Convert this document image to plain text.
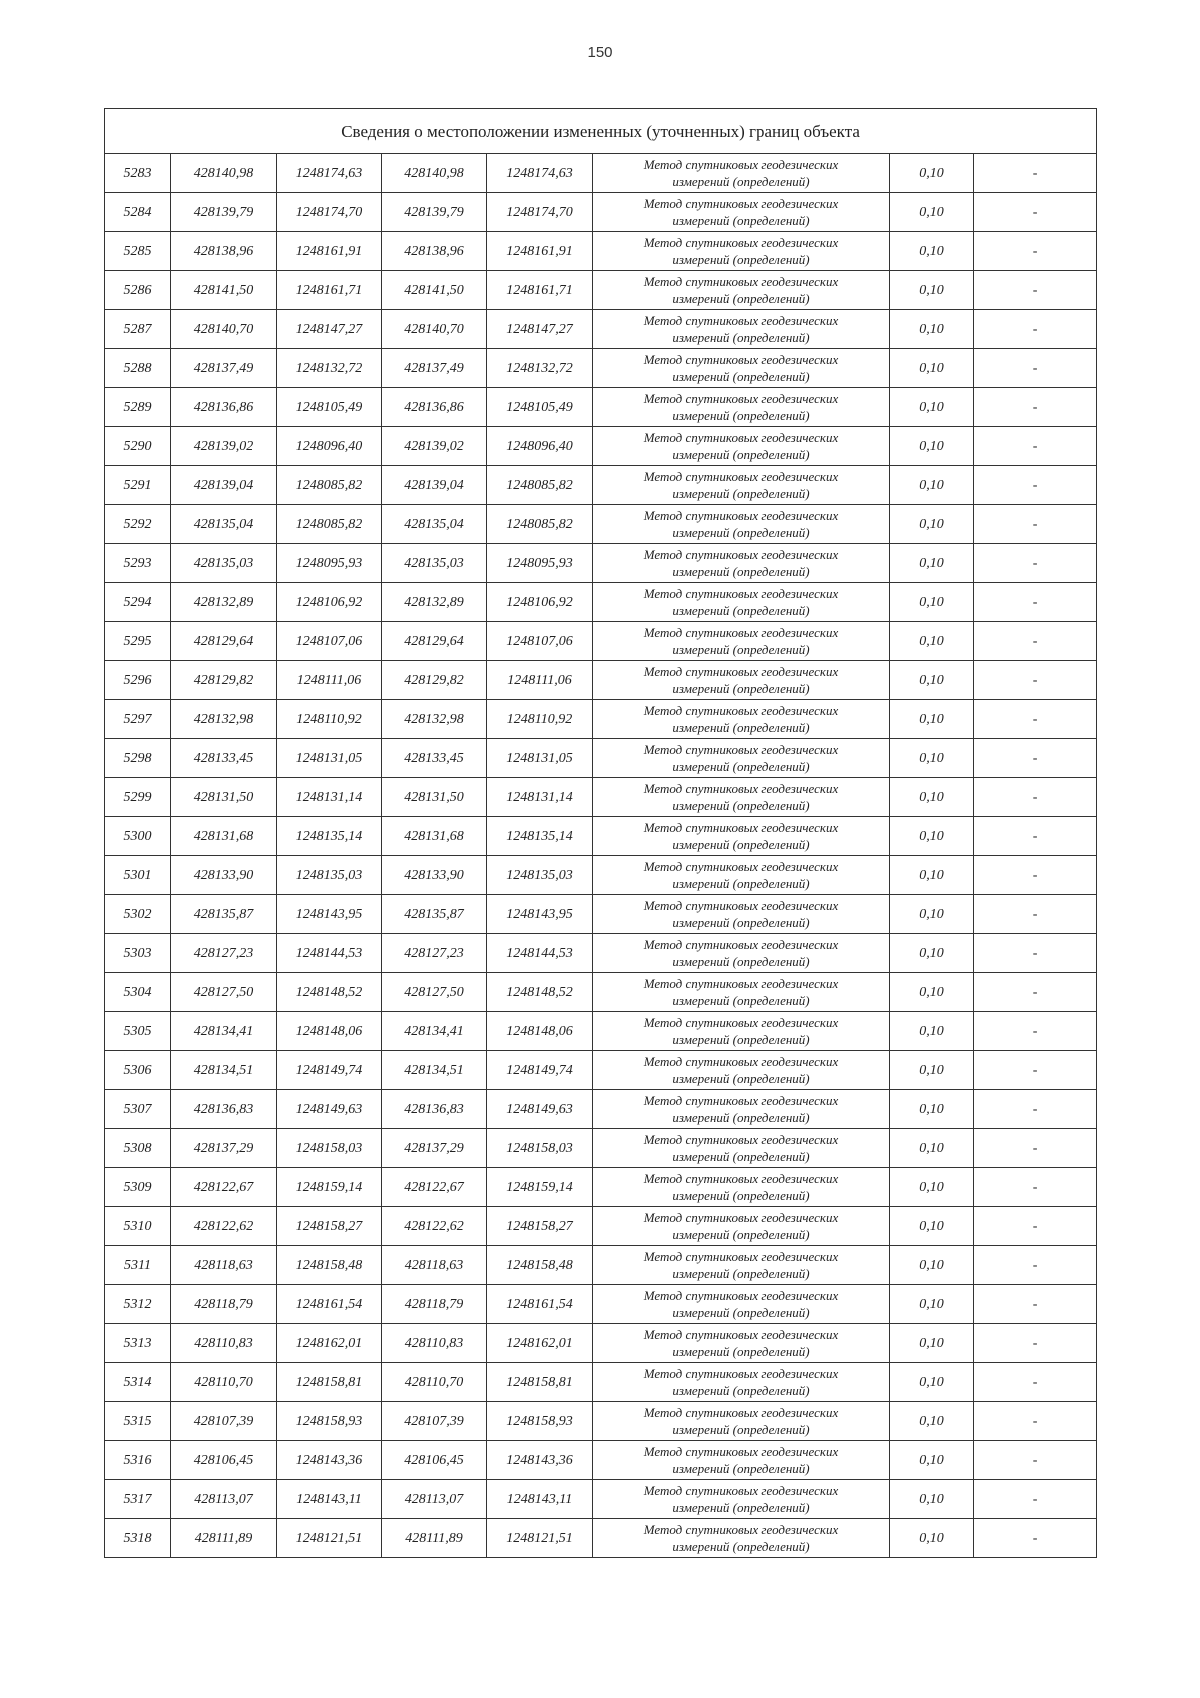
150
Сведения о местоположении измененных (уточненных) границ объекта							
5283	428140,98	1248174,63	428140,98	1248174,63	Метод спутниковых геодезических
измерений (определений)	0,10	-
5284	428139,79	1248174,70	428139,79	1248174,70	Метод спутниковых геодезических
измерений (определений)	0,10	-
5285	428138,96	1248161,91	428138,96	1248161,91	Метод спутниковых геодезических
измерений (определений)	0,10	-
5286	428141,50	1248161,71	428141,50	1248161,71	Метод спутниковых геодезических
измерений (определений)	0,10	-
5287	428140,70	1248147,27	428140,70	1248147,27	Метод спутниковых геодезических
измерений (определений)	0,10	-
5288	428137,49	1248132,72	428137,49	1248132,72	Метод спутниковых геодезических
измерений (определений)	0,10	-
5289	428136,86	1248105,49	428136,86	1248105,49	Метод спутниковых геодезических
измерений (определений)	0,10	-
5290	428139,02	1248096,40	428139,02	1248096,40	Метод спутниковых геодезических
измерений (определений)	0,10	-
5291	428139,04	1248085,82	428139,04	1248085,82	Метод спутниковых геодезических
измерений (определений)	0,10	-
5292	428135,04	1248085,82	428135,04	1248085,82	Метод спутниковых геодезических
измерений (определений)	0,10	-
5293	428135,03	1248095,93	428135,03	1248095,93	Метод спутниковых геодезических
измерений (определений)	0,10	-
5294	428132,89	1248106,92	428132,89	1248106,92	Метод спутниковых геодезических
измерений (определений)	0,10	-
5295	428129,64	1248107,06	428129,64	1248107,06	Метод спутниковых геодезических
измерений (определений)	0,10	-
5296	428129,82	1248111,06	428129,82	1248111,06	Метод спутниковых геодезических
измерений (определений)	0,10	-
5297	428132,98	1248110,92	428132,98	1248110,92	Метод спутниковых геодезических
измерений (определений)	0,10	-
5298	428133,45	1248131,05	428133,45	1248131,05	Метод спутниковых геодезических
измерений (определений)	0,10	-
5299	428131,50	1248131,14	428131,50	1248131,14	Метод спутниковых геодезических
измерений (определений)	0,10	-
5300	428131,68	1248135,14	428131,68	1248135,14	Метод спутниковых геодезических
измерений (определений)	0,10	-
5301	428133,90	1248135,03	428133,90	1248135,03	Метод спутниковых геодезических
измерений (определений)	0,10	-
5302	428135,87	1248143,95	428135,87	1248143,95	Метод спутниковых геодезических
измерений (определений)	0,10	-
5303	428127,23	1248144,53	428127,23	1248144,53	Метод спутниковых геодезических
измерений (определений)	0,10	-
5304	428127,50	1248148,52	428127,50	1248148,52	Метод спутниковых геодезических
измерений (определений)	0,10	-
5305	428134,41	1248148,06	428134,41	1248148,06	Метод спутниковых геодезических
измерений (определений)	0,10	-
5306	428134,51	1248149,74	428134,51	1248149,74	Метод спутниковых геодезических
измерений (определений)	0,10	-
5307	428136,83	1248149,63	428136,83	1248149,63	Метод спутниковых геодезических
измерений (определений)	0,10	-
5308	428137,29	1248158,03	428137,29	1248158,03	Метод спутниковых геодезических
измерений (определений)	0,10	-
5309	428122,67	1248159,14	428122,67	1248159,14	Метод спутниковых геодезических
измерений (определений)	0,10	-
5310	428122,62	1248158,27	428122,62	1248158,27	Метод спутниковых геодезических
измерений (определений)	0,10	-
5311	428118,63	1248158,48	428118,63	1248158,48	Метод спутниковых геодезических
измерений (определений)	0,10	-
5312	428118,79	1248161,54	428118,79	1248161,54	Метод спутниковых геодезических
измерений (определений)	0,10	-
5313	428110,83	1248162,01	428110,83	1248162,01	Метод спутниковых геодезических
измерений (определений)	0,10	-
5314	428110,70	1248158,81	428110,70	1248158,81	Метод спутниковых геодезических
измерений (определений)	0,10	-
5315	428107,39	1248158,93	428107,39	1248158,93	Метод спутниковых геодезических
измерений (определений)	0,10	-
5316	428106,45	1248143,36	428106,45	1248143,36	Метод спутниковых геодезических
измерений (определений)	0,10	-
5317	428113,07	1248143,11	428113,07	1248143,11	Метод спутниковых геодезических
измерений (определений)	0,10	-
5318	428111,89	1248121,51	428111,89	1248121,51	Метод спутниковых геодезических
измерений (определений)	0,10	-
